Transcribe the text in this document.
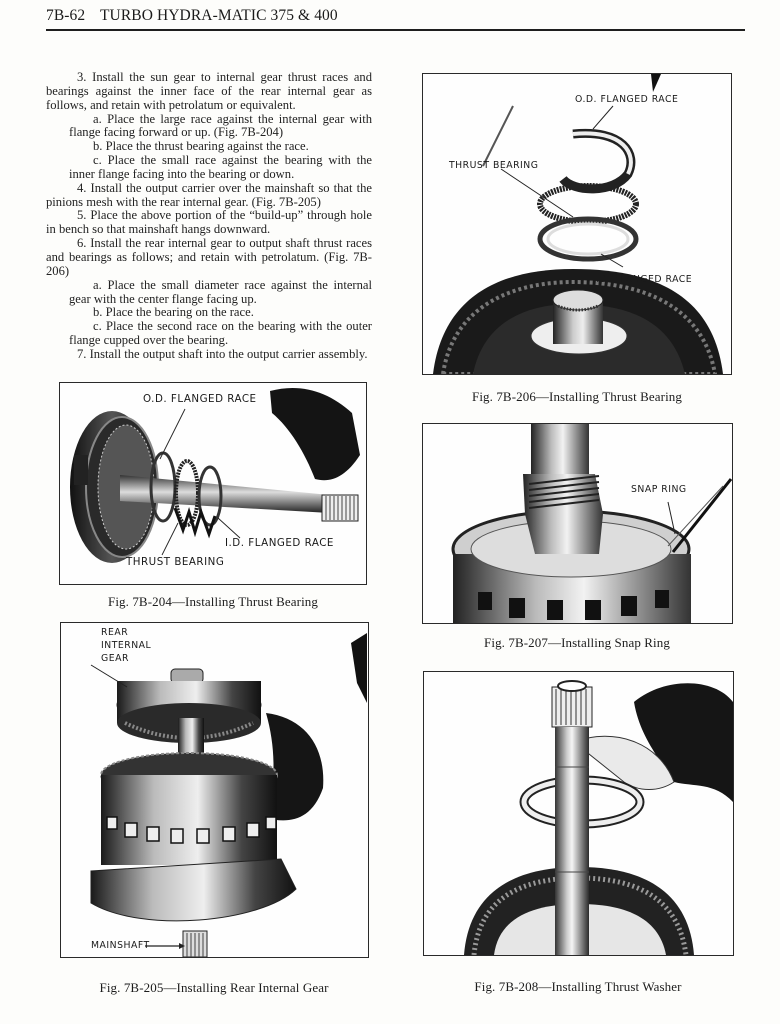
7B-62 TURBO HYDRA-MATIC 375 & 400

3. Install the sun gear to internal gear thrust races and bearings against the inner face of the rear internal gear as follows, and retain with petrolatum or equivalent.

a. Place the large race against the internal gear with flange facing forward or up. (Fig. 7B-204)

b. Place the thrust bearing against the race.

c. Place the small race against the bearing with the inner flange facing into the bearing or down.

4. Install the output carrier over the mainshaft so that the pinions mesh with the rear internal gear. (Fig. 7B-205)

5. Place the above portion of the “build-up” through hole in bench so that mainshaft hangs downward.

6. Install the rear internal gear to output shaft thrust races and bearings as follows; and retain with petrolatum. (Fig. 7B-206)

a. Place the small diameter race against the internal gear with the center flange facing up.

b. Place the bearing on the race.

c. Place the second race on the bearing with the outer flange cupped over the bearing.

7. Install the output shaft into the output carrier assembly.

O.D. FLANGED RACE
I.D. FLANGED RACE
THRUST BEARING
Fig. 7B-204—Installing Thrust Bearing
REAR
INTERNAL
GEAR
MAINSHAFT
Fig. 7B-205—Installing Rear Internal Gear
O.D. FLANGED RACE
THRUST BEARING
I.D. FLANGED RACE
Fig. 7B-206—Installing Thrust Bearing
SNAP RING
Fig. 7B-207—Installing Snap Ring
Fig. 7B-208—Installing Thrust Washer
